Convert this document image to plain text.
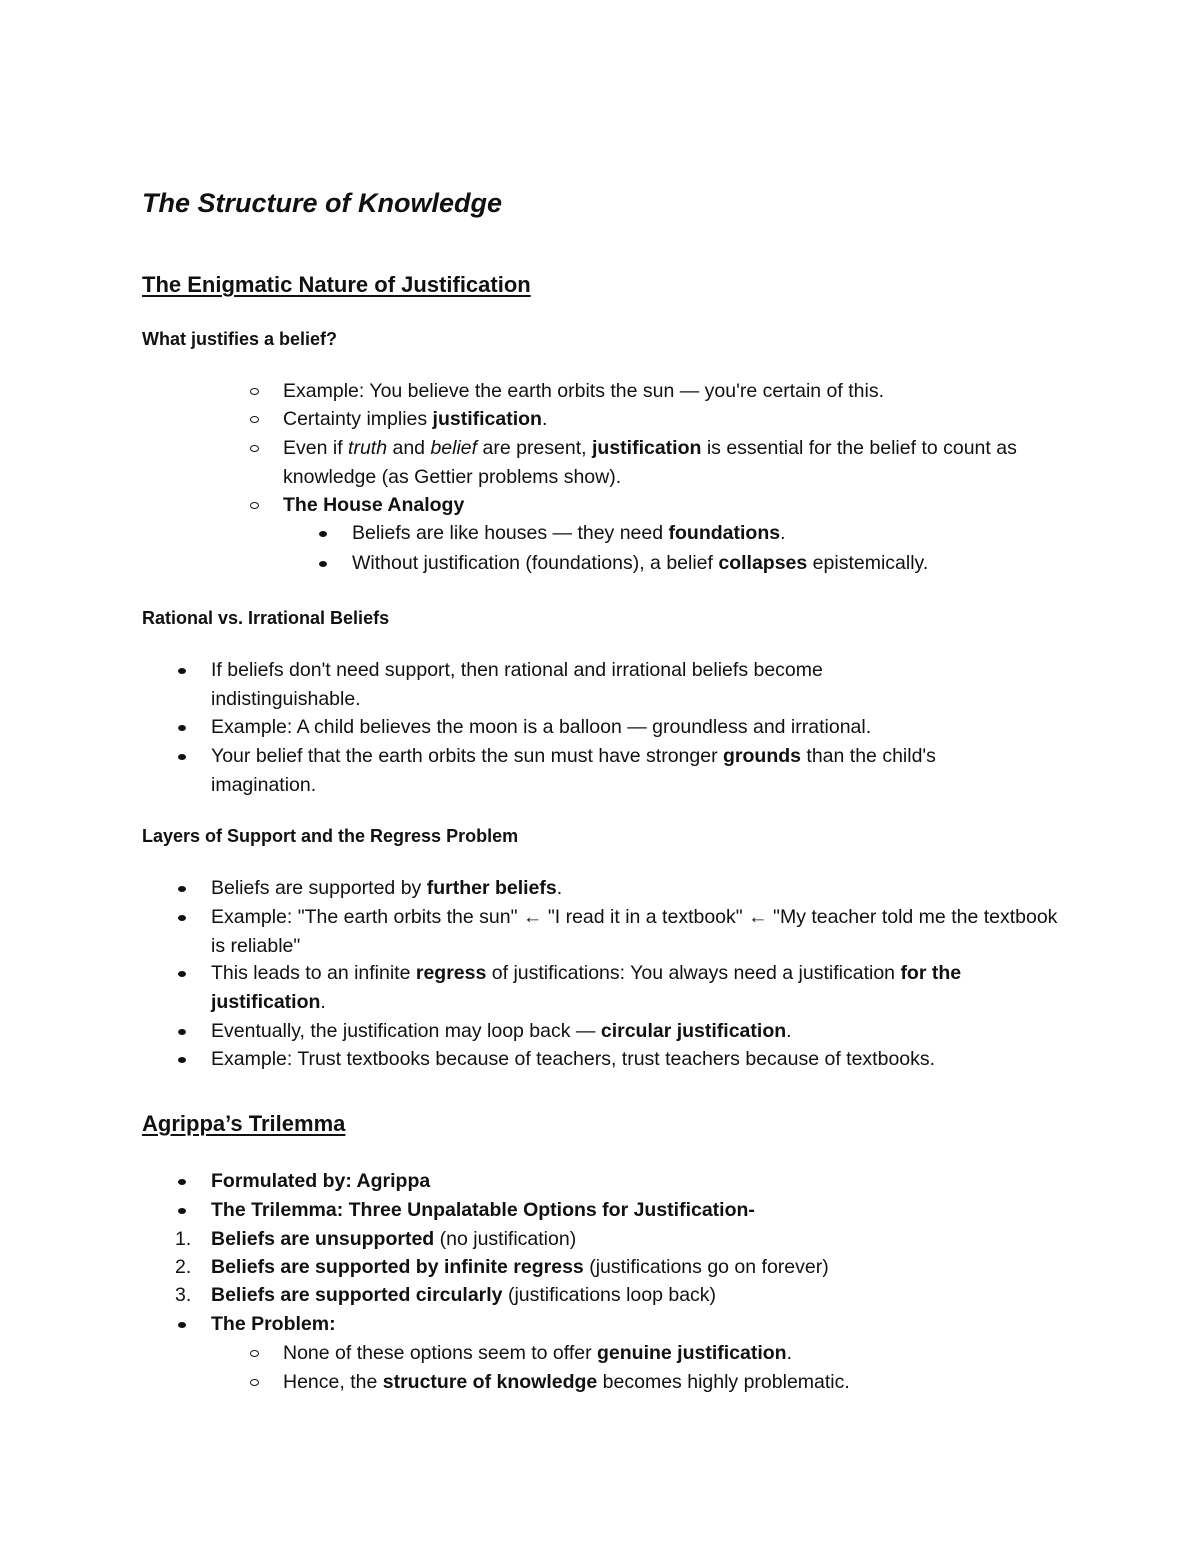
The Structure of Knowledge
The Enigmatic Nature of Justification
What justifies a belief?
Example: You believe the earth orbits the sun — you're certain of this.
Certainty implies justification.
Even if truth and belief are present, justification is essential for the belief to count as knowledge (as Gettier problems show).
The House Analogy
Beliefs are like houses — they need foundations.
Without justification (foundations), a belief collapses epistemically.
Rational vs. Irrational Beliefs
If beliefs don't need support, then rational and irrational beliefs become indistinguishable.
Example: A child believes the moon is a balloon — groundless and irrational.
Your belief that the earth orbits the sun must have stronger grounds than the child's imagination.
Layers of Support and the Regress Problem
Beliefs are supported by further beliefs.
Example: "The earth orbits the sun" ← "I read it in a textbook" ← "My teacher told me the textbook is reliable"
This leads to an infinite regress of justifications: You always need a justification for the justification.
Eventually, the justification may loop back — circular justification.
Example: Trust textbooks because of teachers, trust teachers because of textbooks.
Agrippa’s Trilemma
Formulated by: Agrippa
The Trilemma: Three Unpalatable Options for Justification-
1. Beliefs are unsupported (no justification)
2. Beliefs are supported by infinite regress (justifications go on forever)
3. Beliefs are supported circularly (justifications loop back)
The Problem:
None of these options seem to offer genuine justification.
Hence, the structure of knowledge becomes highly problematic.
